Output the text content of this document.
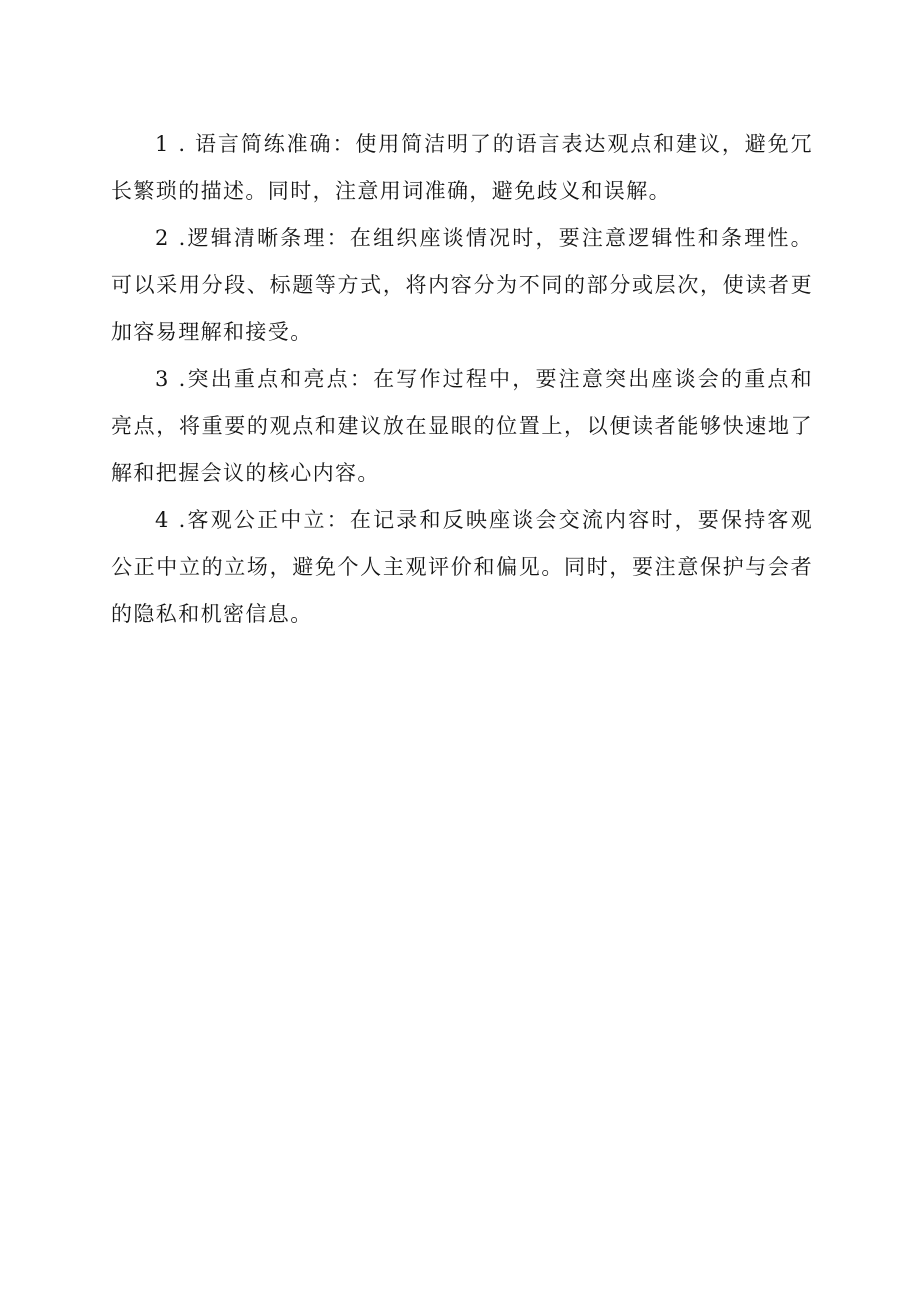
1 . 语言简练准确：使用简洁明了的语言表达观点和建议，避免冗长繁琐的描述。同时，注意用词准确，避免歧义和误解。

2 .逻辑清晰条理：在组织座谈情况时，要注意逻辑性和条理性。可以采用分段、标题等方式，将内容分为不同的部分或层次，使读者更加容易理解和接受。

3 .突出重点和亮点：在写作过程中，要注意突出座谈会的重点和亮点，将重要的观点和建议放在显眼的位置上，以便读者能够快速地了解和把握会议的核心内容。

4 .客观公正中立：在记录和反映座谈会交流内容时，要保持客观公正中立的立场，避免个人主观评价和偏见。同时，要注意保护与会者的隐私和机密信息。
